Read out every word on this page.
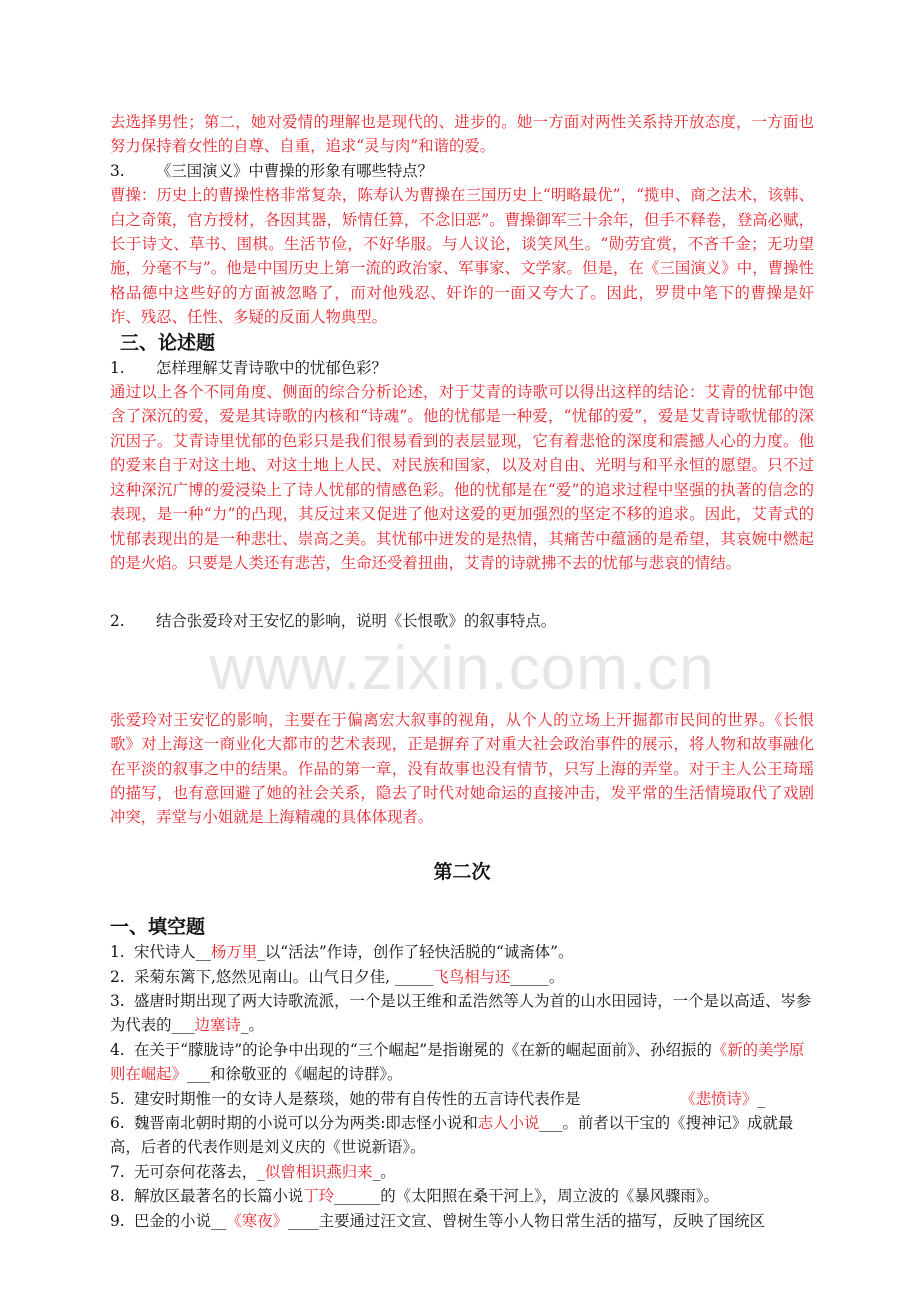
去选择男性；第二，她对爱情的理解也是现代的、进步的。她一方面对两性关系持开放态度，一方面也努力保持着女性的自尊、自重，追求“灵与肉”和谐的爱。

3. 《三国演义》中曹操的形象有哪些特点？

曹操：历史上的曹操性格非常复杂，陈寿认为曹操在三国历史上“明略最优”，“揽申、商之法术，该韩、白之奇策，官方授材，各因其器，矫情任算，不念旧恶”。曹操御军三十余年，但手不释卷，登高必赋，长于诗文、草书、围棋。生活节俭，不好华服。与人议论，谈笑风生。“勋劳宜赏，不吝千金；无功望施，分毫不与”。他是中国历史上第一流的政治家、军事家、文学家。但是，在《三国演义》中，曹操性格品德中这些好的方面被忽略了，而对他残忍、奸诈的一面又夸大了。因此，罗贯中笔下的曹操是奸诈、残忍、任性、多疑的反面人物典型。

三、论述题

1. 怎样理解艾青诗歌中的忧郁色彩？

通过以上各个不同角度、侧面的综合分析论述，对于艾青的诗歌可以得出这样的结论：艾青的忧郁中饱含了深沉的爱，爱是其诗歌的内核和“诗魂”。他的忧郁是一种爱，“忧郁的爱”，爱是艾青诗歌忧郁的深沉因子。艾青诗里忧郁的色彩只是我们很易看到的表层显现，它有着悲怆的深度和震撼人心的力度。他的爱来自于对这土地、对这土地上人民、对民族和国家，以及对自由、光明与和平永恒的愿望。只不过这种深沉广博的爱浸染上了诗人忧郁的情感色彩。他的忧郁是在“爱”的追求过程中坚强的执著的信念的表现，是一种“力”的凸现，其反过来又促进了他对这爱的更加强烈的坚定不移的追求。因此，艾青式的忧郁表现出的是一种悲壮、崇高之美。其忧郁中迸发的是热情，其痛苦中蕴涵的是希望，其哀婉中燃起的是火焰。只要是人类还有悲苦，生命还受着扭曲，艾青的诗就拂不去的忧郁与悲哀的情结。

2. 结合张爱玲对王安忆的影响，说明《长恨歌》的叙事特点。

www.zixin.com.cn

张爱玲对王安忆的影响，主要在于偏离宏大叙事的视角，从个人的立场上开掘都市民间的世界。《长恨歌》对上海这一商业化大都市的艺术表现，正是摒弃了对重大社会政治事件的展示，将人物和故事融化在平淡的叙事之中的结果。作品的第一章，没有故事也没有情节，只写上海的弄堂。对于主人公王琦瑶的描写，也有意回避了她的社会关系，隐去了时代对她命运的直接冲击，发平常的生活情境取代了戏剧冲突，弄堂与小姐就是上海精魂的具体体现者。

第二次

一、填空题

1. 宋代诗人__杨万里_以“活法”作诗，创作了轻快活脱的“诚斋体”。

2. 采菊东篱下,悠然见南山。山气日夕佳, _____飞鸟相与还_____。

3. 盛唐时期出现了两大诗歌流派，一个是以王维和孟浩然等人为首的山水田园诗，一个是以高适、岑参为代表的___边塞诗_。

4. 在关于“朦胧诗”的论争中出现的“三个崛起”是指谢冕的《在新的崛起面前》、孙绍振的《新的美学原则在崛起》___和徐敬亚的《崛起的诗群》。

5. 建安时期惟一的女诗人是蔡琰，她的带有自传性的五言诗代表作是	《悲愤诗》_

6. 魏晋南北朝时期的小说可以分为两类:即志怪小说和志人小说___。前者以干宝的《搜神记》成就最高，后者的代表作则是刘义庆的《世说新语》。

7. 无可奈何花落去，_似曾相识燕归来_。

8. 解放区最著名的长篇小说丁玲______的《太阳照在桑干河上》，周立波的《暴风骤雨》。

9. 巴金的小说__《寒夜》____主要通过汪文宣、曾树生等小人物日常生活的描写，反映了国统区
